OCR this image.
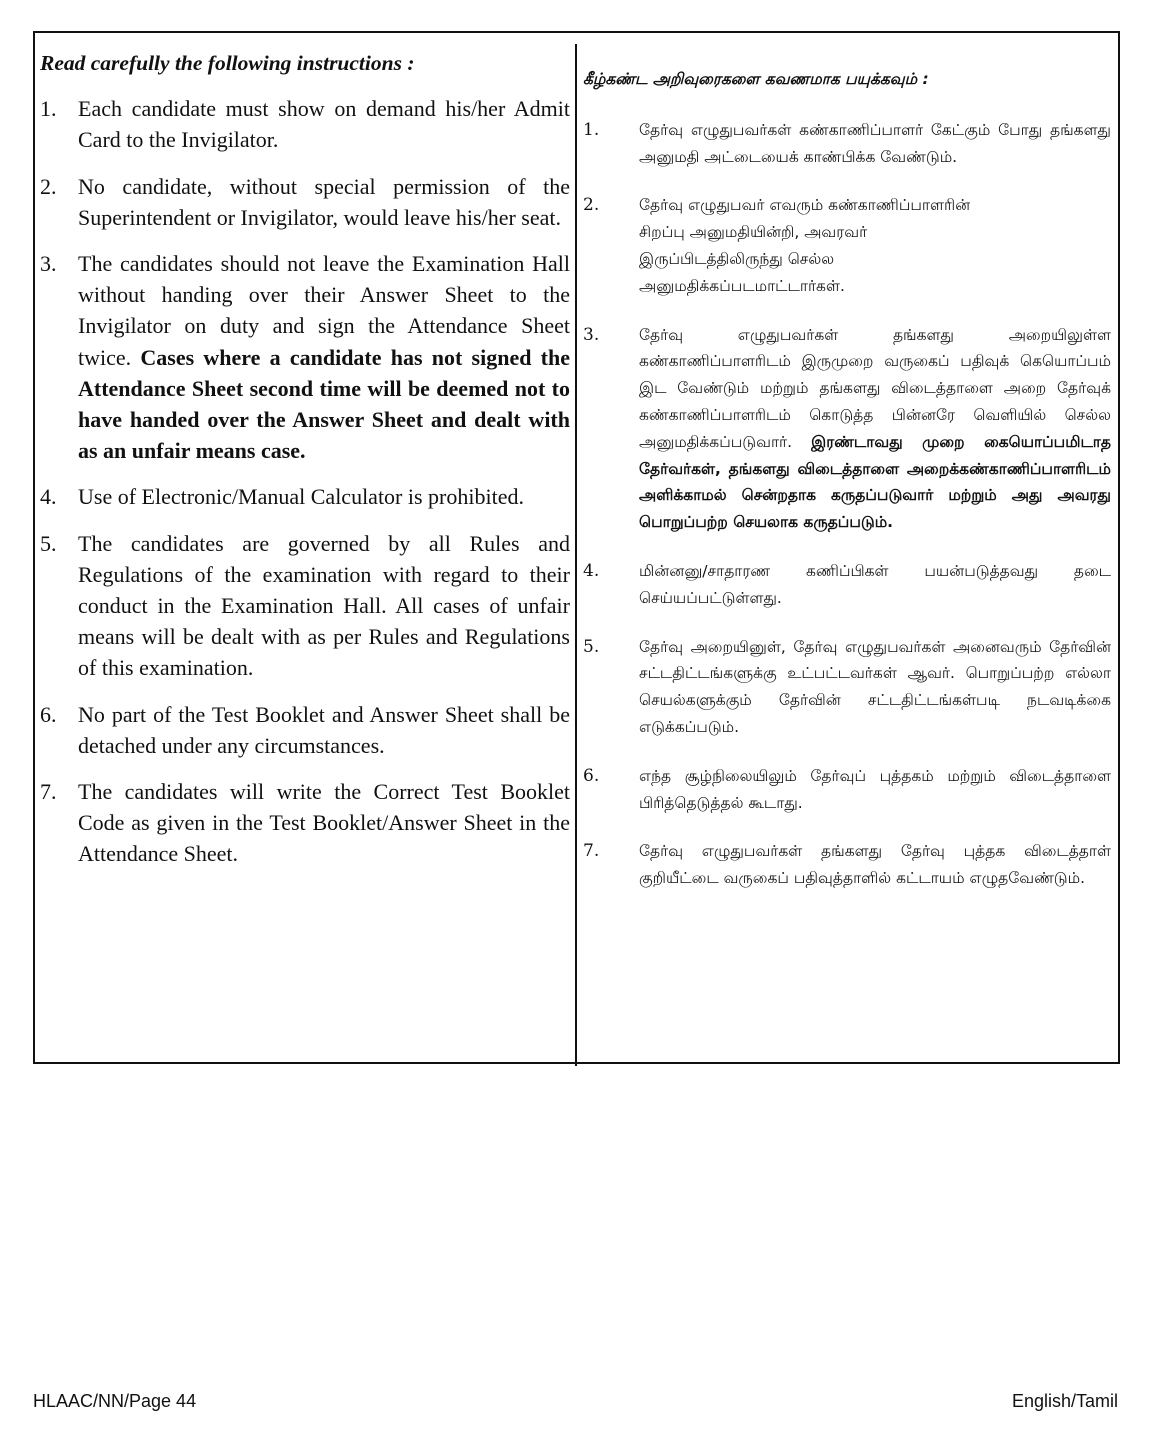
Read carefully the following instructions :
1. Each candidate must show on demand his/her Admit Card to the Invigilator.
2. No candidate, without special permission of the Superintendent or Invigilator, would leave his/her seat.
3. The candidates should not leave the Examination Hall without handing over their Answer Sheet to the Invigilator on duty and sign the Attendance Sheet twice. Cases where a candidate has not signed the Attendance Sheet second time will be deemed not to have handed over the Answer Sheet and dealt with as an unfair means case.
4. Use of Electronic/Manual Calculator is prohibited.
5. The candidates are governed by all Rules and Regulations of the examination with regard to their conduct in the Examination Hall. All cases of unfair means will be dealt with as per Rules and Regulations of this examination.
6. No part of the Test Booklet and Answer Sheet shall be detached under any circumstances.
7. The candidates will write the Correct Test Booklet Code as given in the Test Booklet/Answer Sheet in the Attendance Sheet.
கீழ்கண்ட அறிவுரைகளை கவணமாக பயுக்கவும் :
1.	தேர்வு எழுதுபவர்கள் கண்காணிப்பாளர் கேட்கும் போது தங்களது அனுமதி அட்டையைக் காண்பிக்க வேண்டும்.
2.	தேர்வு எழுதுபவர் எவரும் கண்காணிப்பாளரின்
சிறப்பு அனுமதியின்றி, அவரவர்
இருப்பிடத்திலிருந்து செல்ல
அனுமதிக்கப்படமாட்டார்கள்.
3.	தேர்வு எழுதுபவர்கள் தங்களது அறையிலுள்ள கண்காணிப்பாளரிடம் இருமுறை வருகைப் பதிவுக் கெயொப்பம் இட வேண்டும் மற்றும் தங்களது விடைத்தாளை அறை தேர்வுக் கண்காணிப்பாளரிடம் கொடுத்த பின்னரே வெளியில் செல்ல அனுமதிக்கப்படுவார். இரண்டாவது முறை கையொப்பமிடாத தேர்வர்கள், தங்களது விடைத்தாளை அறைக்கண்காணிப்பாளரிடம் அளிக்காமல் சென்றதாக கருதப்படுவார் மற்றும் அது அவரது பொறுப்பற்ற செயலாக கருதப்படும்.
4.	மின்னனு/சாதாரண கணிப்பிகள் பயன்படுத்தவது தடை செய்யப்பட்டுள்ளது.
5.	தேர்வு அறையினுள், தேர்வு எழுதுபவர்கள் அனைவரும் தேர்வின் சட்டதிட்டங்களுக்கு உட்பட்டவர்கள் ஆவர். பொறுப்பற்ற எல்லா செயல்களுக்கும் தேர்வின் சட்டதிட்டங்கள்படி நடவடிக்கை எடுக்கப்படும்.
6.	எந்த சூழ்நிலையிலும் தேர்வுப் புத்தகம் மற்றும் விடைத்தாளை பிரித்தெடுத்தல் கூடாது.
7.	தேர்வு எழுதுபவர்கள் தங்களது தேர்வு புத்தக விடைத்தாள் குறியீட்டை வருகைப் பதிவுத்தாளில் கட்டாயம் எழுதவேண்டும்.
HLAAC/NN/Page 44	English/Tamil
